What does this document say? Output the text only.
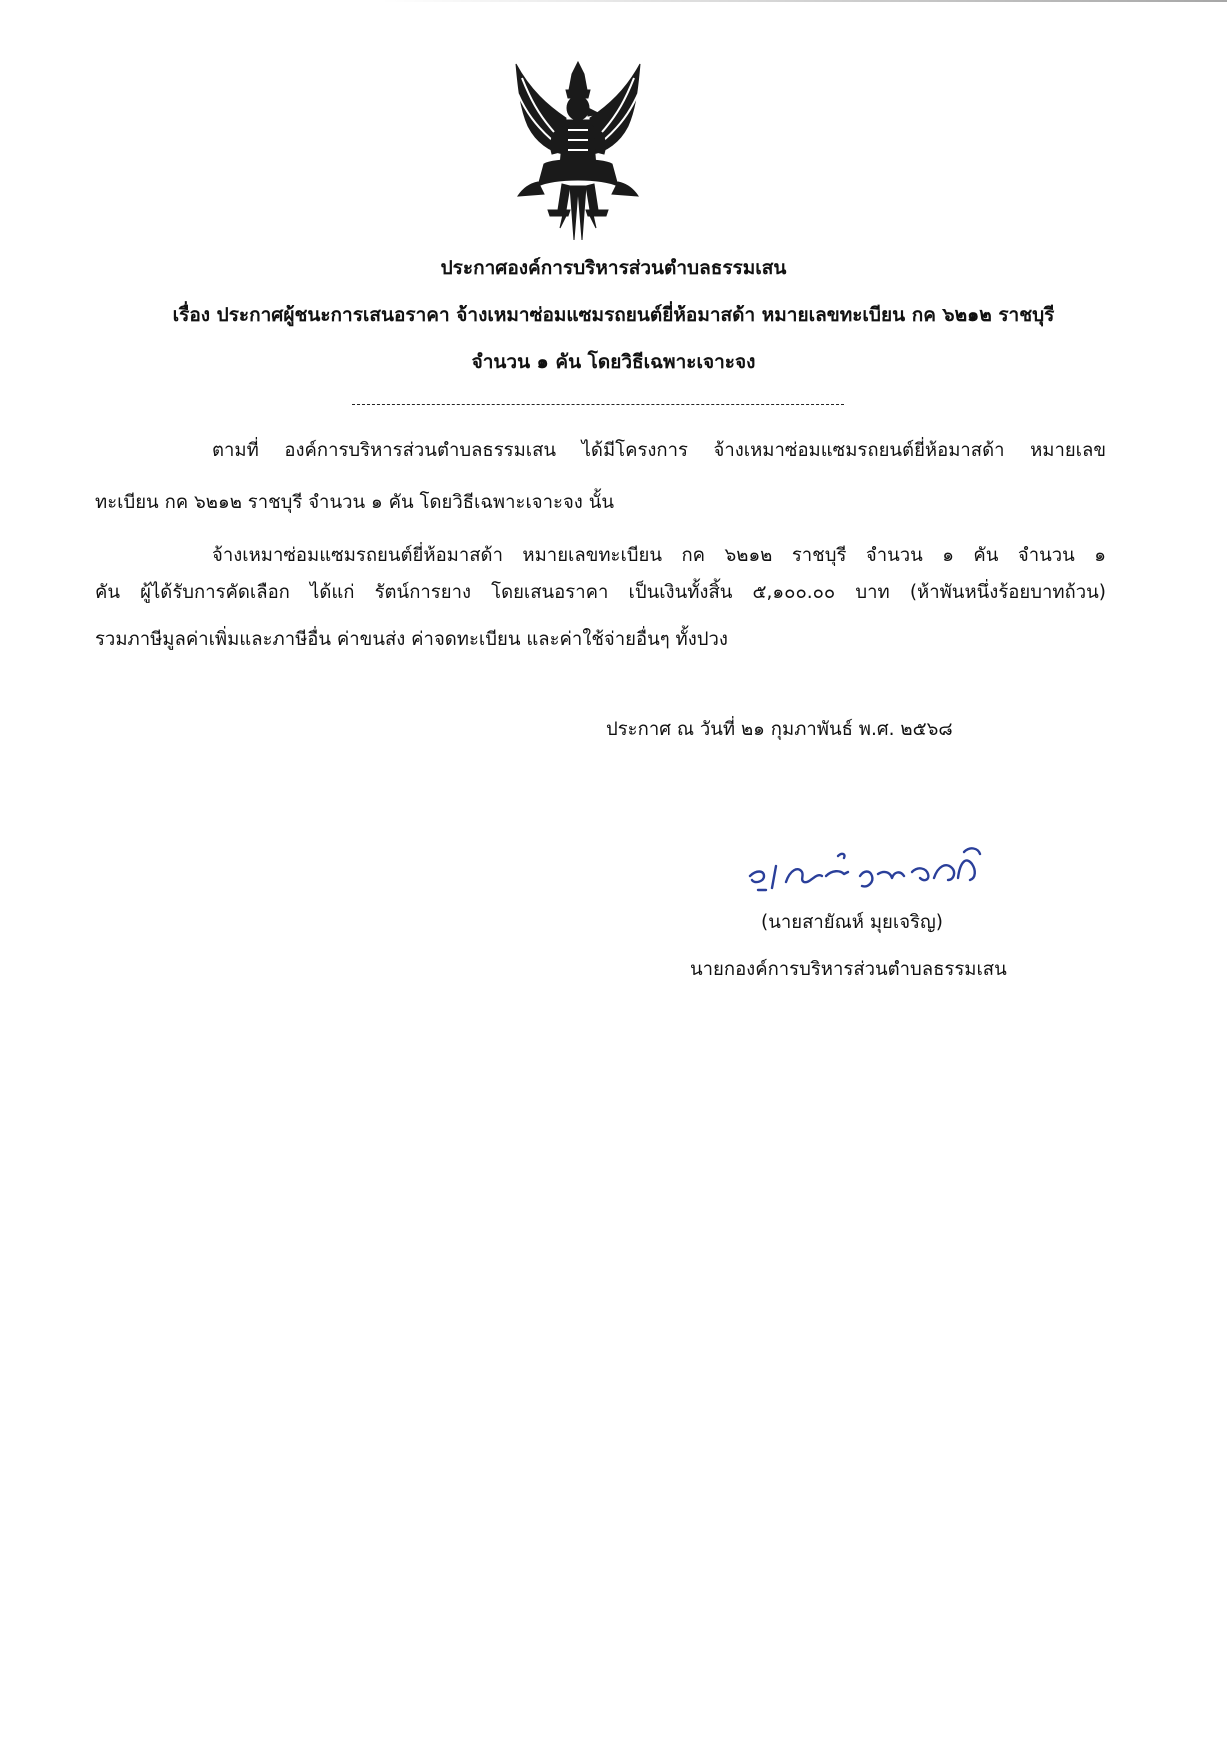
ประกาศองค์การบริหารส่วนตำบลธรรมเสน
เรื่อง ประกาศผู้ชนะการเสนอราคา จ้างเหมาซ่อมแซมรถยนต์ยี่ห้อมาสด้า หมายเลขทะเบียน กค ๖๒๑๒ ราชบุรี
จำนวน ๑ คัน โดยวิธีเฉพาะเจาะจง
ตามที่ องค์การบริหารส่วนตำบลธรรมเสน ได้มีโครงการ จ้างเหมาซ่อมแซมรถยนต์ยี่ห้อมาสด้า หมายเลข
ทะเบียน กค ๖๒๑๒ ราชบุรี จำนวน ๑ คัน โดยวิธีเฉพาะเจาะจง นั้น
จ้างเหมาซ่อมแซมรถยนต์ยี่ห้อมาสด้า หมายเลขทะเบียน กค ๖๒๑๒ ราชบุรี จำนวน ๑ คัน จำนวน ๑
คัน ผู้ได้รับการคัดเลือก ได้แก่ รัตน์การยาง โดยเสนอราคา เป็นเงินทั้งสิ้น ๕,๑๐๐.๐๐ บาท (ห้าพันหนึ่งร้อยบาทถ้วน)
รวมภาษีมูลค่าเพิ่มและภาษีอื่น ค่าขนส่ง ค่าจดทะเบียน และค่าใช้จ่ายอื่นๆ ทั้งปวง
ประกาศ ณ วันที่ ๒๑ กุมภาพันธ์ พ.ศ. ๒๕๖๘
(นายสายัณห์ มุยเจริญ)
นายกองค์การบริหารส่วนตำบลธรรมเสน
